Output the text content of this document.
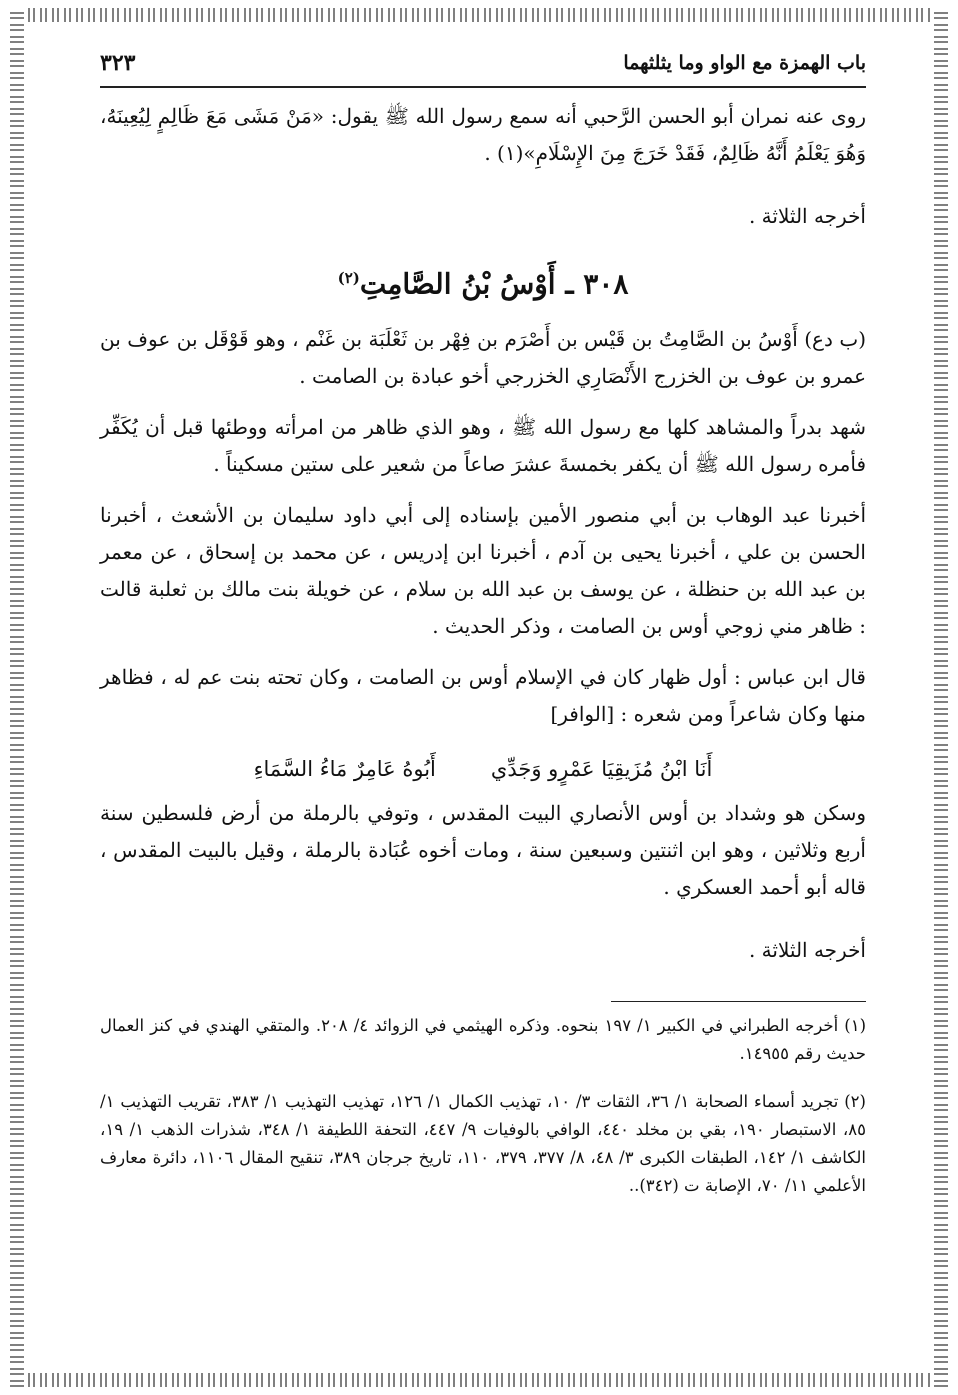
باب الهمزة مع الواو وما يثلثهما
٣٢٣

روى عنه نمران أبو الحسن الرَّحبي أنه سمع رسول الله ﷺ يقول: «مَنْ مَشَى مَعَ ظَالِمٍ لِيُعِينَهُ، وَهُوَ يَعْلَمُ أَنَّهُ ظَالِمٌ، فَقَدْ خَرَجَ مِنَ الإِسْلَامِ»(١) .

أخرجه الثلاثة .

٣٠٨ ـ أَوْسُ بْنُ الصَّامِتِ$^{(٢)}$

(ب دع) أَوْسُ بن الصَّامِتُ بن قَيْس بن أَصْرَم بن فِهْر بن ثَعْلَبَة بن غَنْم ، وهو قَوْقَل بن عوف بن عمرو بن عوف بن الخزرج الأَنْصَارِي الخزرجي أخو عبادة بن الصامت .

شهد بدراً والمشاهد كلها مع رسول الله ﷺ ، وهو الذي ظاهر من امرأته ووطئها قبل أن يُكَفِّر فأمره رسول الله ﷺ أن يكفر بخمسةَ عشرَ صاعاً من شعير على ستين مسكيناً .

أخبرنا عبد الوهاب بن أبي منصور الأمين بإسناده إلى أبي داود سليمان بن الأشعث ، أخبرنا الحسن بن علي ، أخبرنا يحيى بن آدم ، أخبرنا ابن إدريس ، عن محمد بن إسحاق ، عن معمر بن عبد الله بن حنظلة ، عن يوسف بن عبد الله بن سلام ، عن خويلة بنت مالك بن ثعلبة قالت : ظاهر مني زوجي أوس بن الصامت ، وذكر الحديث .

قال ابن عباس : أول ظهار كان في الإسلام أوس بن الصامت ، وكان تحته بنت عم له ، فظاهر منها وكان شاعراً ومن شعره : [الوافر]

أَنَا ابْنُ مُزَيقِيَا عَمْرٍو وَجَدِّي
أَبُوهُ عَامِرٌ مَاءُ السَّمَاءِ

وسكن هو وشداد بن أوس الأنصاري البيت المقدس ، وتوفي بالرملة من أرض فلسطين سنة أربع وثلاثين ، وهو ابن اثنتين وسبعين سنة ، ومات أخوه عُبَادة بالرملة ، وقيل بالبيت المقدس ، قاله أبو أحمد العسكري .

أخرجه الثلاثة .

(١) أخرجه الطبراني في الكبير ١/ ١٩٧ بنحوه. وذكره الهيثمي في الزوائد ٤/ ٢٠٨. والمتقي الهندي في كنز العمال حديث رقم ١٤٩٥٥.

(٢) تجريد أسماء الصحابة ١/ ٣٦، الثقات ٣/ ١٠، تهذيب الكمال ١/ ١٢٦، تهذيب التهذيب ١/ ٣٨٣، تقريب التهذيب ١/ ٨٥، الاستبصار ١٩٠، بقي بن مخلد ٤٤٠، الوافي بالوفيات ٩/ ٤٤٧، التحفة اللطيفة ١/ ٣٤٨، شذرات الذهب ١/ ١٩، الكاشف ١/ ١٤٢، الطبقات الكبرى ٣/ ٤٨، ٨/ ٣٧٧، ٣٧٩، ١١٠، تاريخ جرجان ٣٨٩، تنقيح المقال ١١٠٦، دائرة معارف الأعلمي ١١/ ٧٠، الإصابة ت (٣٤٢)..
